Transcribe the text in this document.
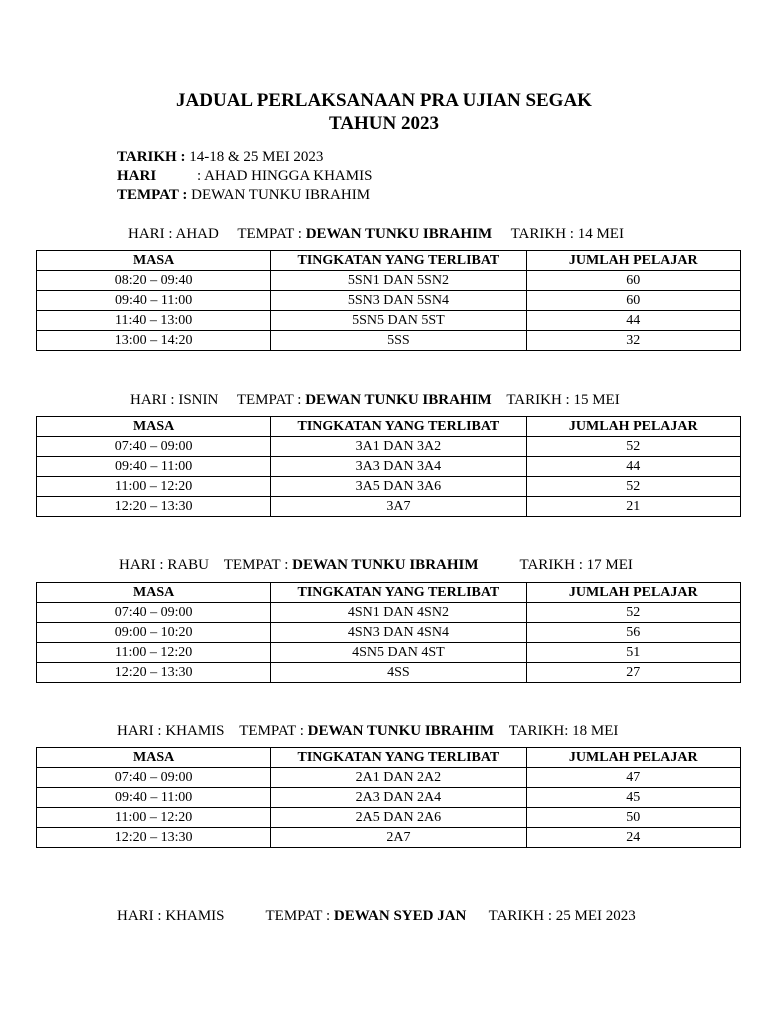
JADUAL PERLAKSANAAN PRA UJIAN SEGAK
TAHUN 2023
TARIKH : 14-18 & 25 MEI 2023
HARI	: AHAD HINGGA KHAMIS
TEMPAT : DEWAN TUNKU IBRAHIM
HARI : AHAD TEMPAT : DEWAN TUNKU IBRAHIM TARIKH : 14 MEI
MASA	TINGKATAN YANG TERLIBAT	JUMLAH PELAJAR
08:20 – 09:40	5SN1 DAN 5SN2	60
09:40 – 11:00	5SN3 DAN 5SN4	60
11:40 – 13:00	5SN5 DAN 5ST	44
13:00 – 14:20	5SS	32
HARI : ISNIN TEMPAT : DEWAN TUNKU IBRAHIM TARIKH : 15 MEI
MASA	TINGKATAN YANG TERLIBAT	JUMLAH PELAJAR
07:40 – 09:00	3A1 DAN 3A2	52
09:40 – 11:00	3A3 DAN 3A4	44
11:00 – 12:20	3A5 DAN 3A6	52
12:20 – 13:30	3A7	21
HARI : RABU TEMPAT : DEWAN TUNKU IBRAHIM	TARIKH : 17 MEI
MASA	TINGKATAN YANG TERLIBAT	JUMLAH PELAJAR
07:40 – 09:00	4SN1 DAN 4SN2	52
09:00 – 10:20	4SN3 DAN 4SN4	56
11:00 – 12:20	4SN5 DAN 4ST	51
12:20 – 13:30	4SS	27
HARI : KHAMIS TEMPAT : DEWAN TUNKU IBRAHIM TARIKH: 18 MEI
MASA	TINGKATAN YANG TERLIBAT	JUMLAH PELAJAR
07:40 – 09:00	2A1 DAN 2A2	47
09:40 – 11:00	2A3 DAN 2A4	45
11:00 – 12:20	2A5 DAN 2A6	50
12:20 – 13:30	2A7	24
HARI : KHAMIS	TEMPAT : DEWAN SYED JAN TARIKH : 25 MEI 2023
